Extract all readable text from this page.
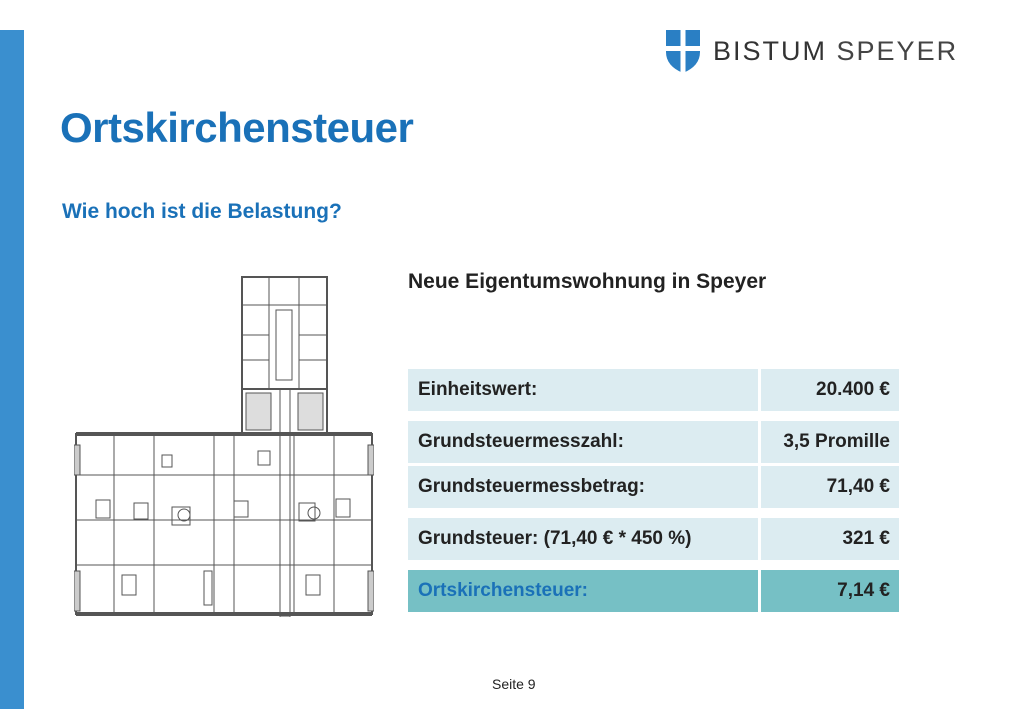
BISTUM SPEYER
Ortskirchensteuer
Wie hoch ist die Belastung?
Neue Eigentumswohnung in Speyer
Einheitswert:	20.400 €
Grundsteuermesszahl:	3,5 Promille
Grundsteuermessbetrag:	71,40 €
Grundsteuer: (71,40 € * 450 %)	321 €
Ortskirchensteuer:	7,14 €
Seite 9
